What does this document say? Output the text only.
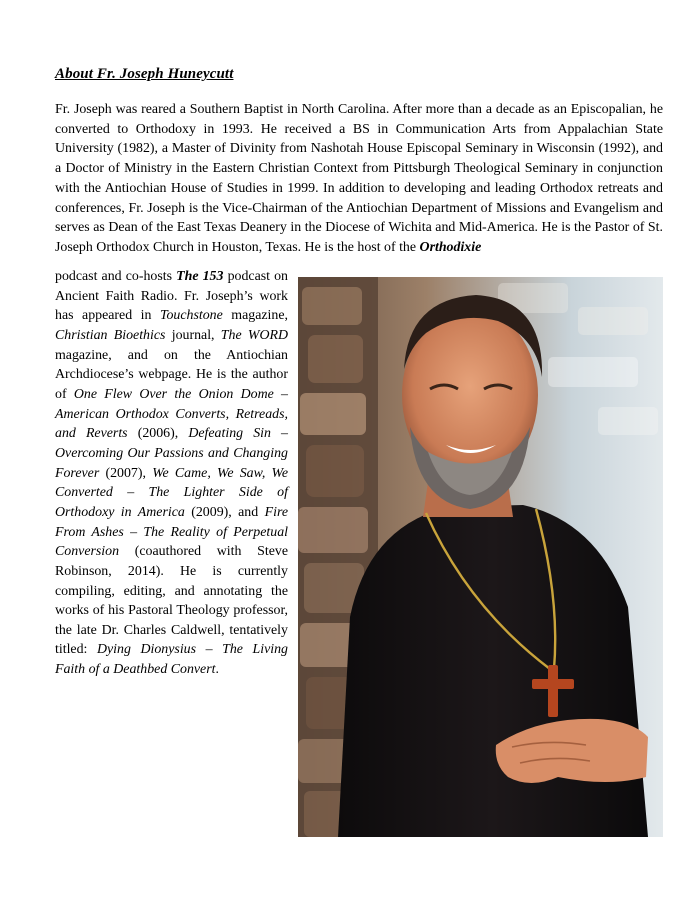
About Fr. Joseph Huneycutt
Fr. Joseph was reared a Southern Baptist in North Carolina. After more than a decade as an Episcopalian, he converted to Orthodoxy in 1993. He received a BS in Communication Arts from Appalachian State University (1982), a Master of Divinity from Nashotah House Episcopal Seminary in Wisconsin (1992), and a Doctor of Ministry in the Eastern Christian Context from Pittsburgh Theological Seminary in conjunction with the Antiochian House of Studies in 1999. In addition to developing and leading Orthodox retreats and conferences, Fr. Joseph is the Vice-Chairman of the Antiochian Department of Missions and Evangelism and serves as Dean of the East Texas Deanery in the Diocese of Wichita and Mid-America. He is the Pastor of St. Joseph Orthodox Church in Houston, Texas. He is the host of the Orthodixie
podcast and co-hosts The 153 podcast on Ancient Faith Radio. Fr. Joseph’s work has appeared in Touchstone magazine, Christian Bioethics journal, The WORD magazine, and on the Antiochian Archdiocese’s webpage. He is the author of One Flew Over the Onion Dome – American Orthodox Converts, Retreads, and Reverts (2006), Defeating Sin – Overcoming Our Passions and Changing Forever (2007), We Came, We Saw, We Converted – The Lighter Side of Orthodoxy in America (2009), and Fire From Ashes – The Reality of Perpetual Conversion (coauthored with Steve Robinson, 2014). He is currently compiling, editing, and annotating the works of his Pastoral Theology professor, the late Dr. Charles Caldwell, tentatively titled: Dying Dionysius – The Living Faith of a Deathbed Convert.
